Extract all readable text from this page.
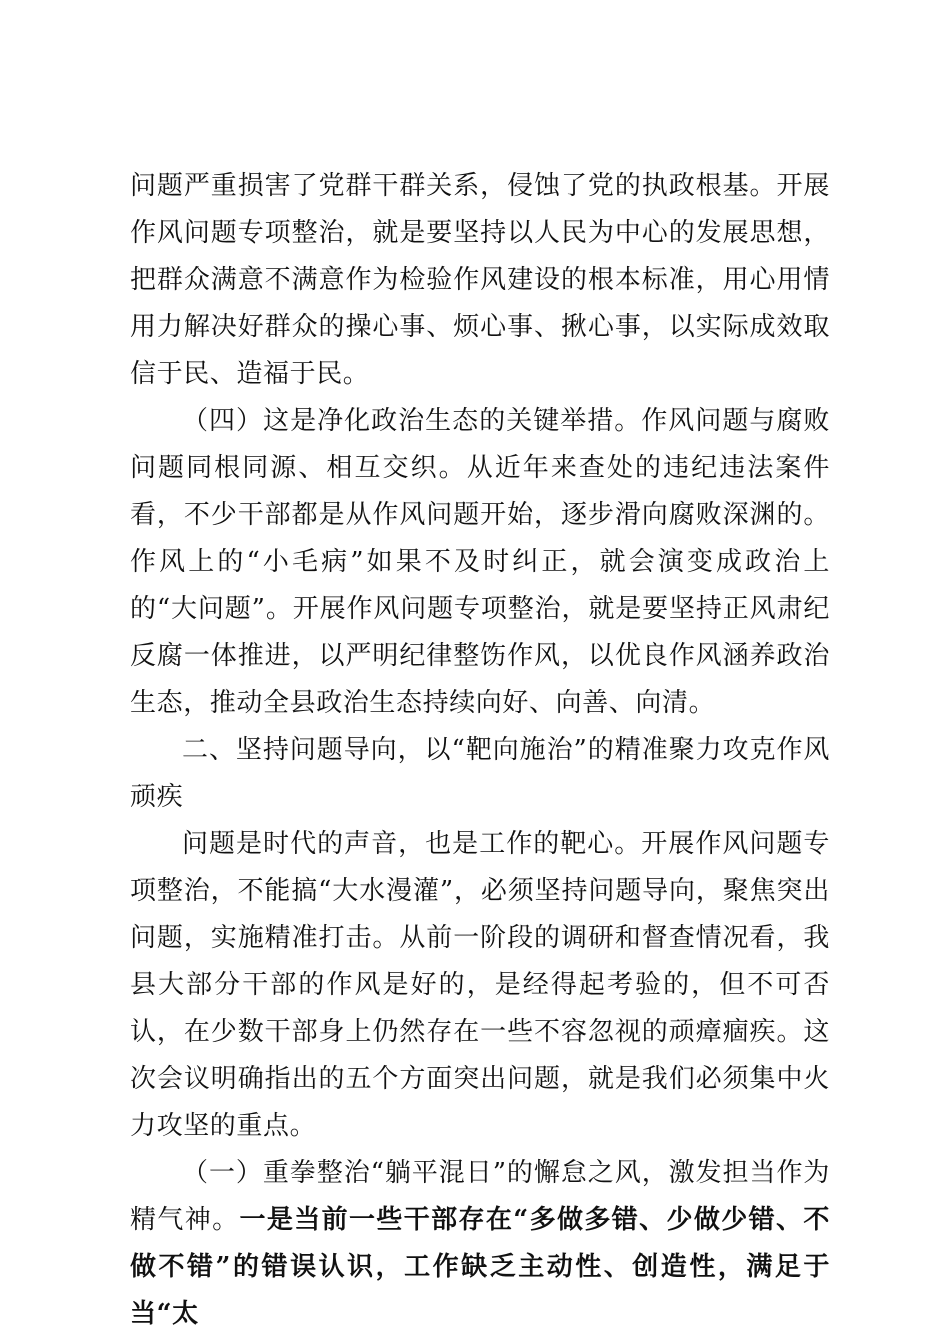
问题严重损害了党群干群关系，侵蚀了党的执政根基。开展作风问题专项整治，就是要坚持以人民为中心的发展思想，把群众满意不满意作为检验作风建设的根本标准，用心用情用力解决好群众的操心事、烦心事、揪心事，以实际成效取信于民、造福于民。

（四）这是净化政治生态的关键举措。作风问题与腐败问题同根同源、相互交织。从近年来查处的违纪违法案件看，不少干部都是从作风问题开始，逐步滑向腐败深渊的。作风上的“小毛病”如果不及时纠正，就会演变成政治上的“大问题”。开展作风问题专项整治，就是要坚持正风肃纪反腐一体推进，以严明纪律整饬作风，以优良作风涵养政治生态，推动全县政治生态持续向好、向善、向清。

二、坚持问题导向，以“靶向施治”的精准聚力攻克作风顽疾

问题是时代的声音，也是工作的靶心。开展作风问题专项整治，不能搞“大水漫灌”，必须坚持问题导向，聚焦突出问题，实施精准打击。从前一阶段的调研和督查情况看，我县大部分干部的作风是好的，是经得起考验的，但不可否认，在少数干部身上仍然存在一些不容忽视的顽瘴痼疾。这次会议明确指出的五个方面突出问题，就是我们必须集中火力攻坚的重点。

（一）重拳整治“躺平混日”的懈怠之风，激发担当作为精气神。一是当前一些干部存在“多做多错、少做少错、不做不错”的错误认识，工作缺乏主动性、创造性，满足于当“太
